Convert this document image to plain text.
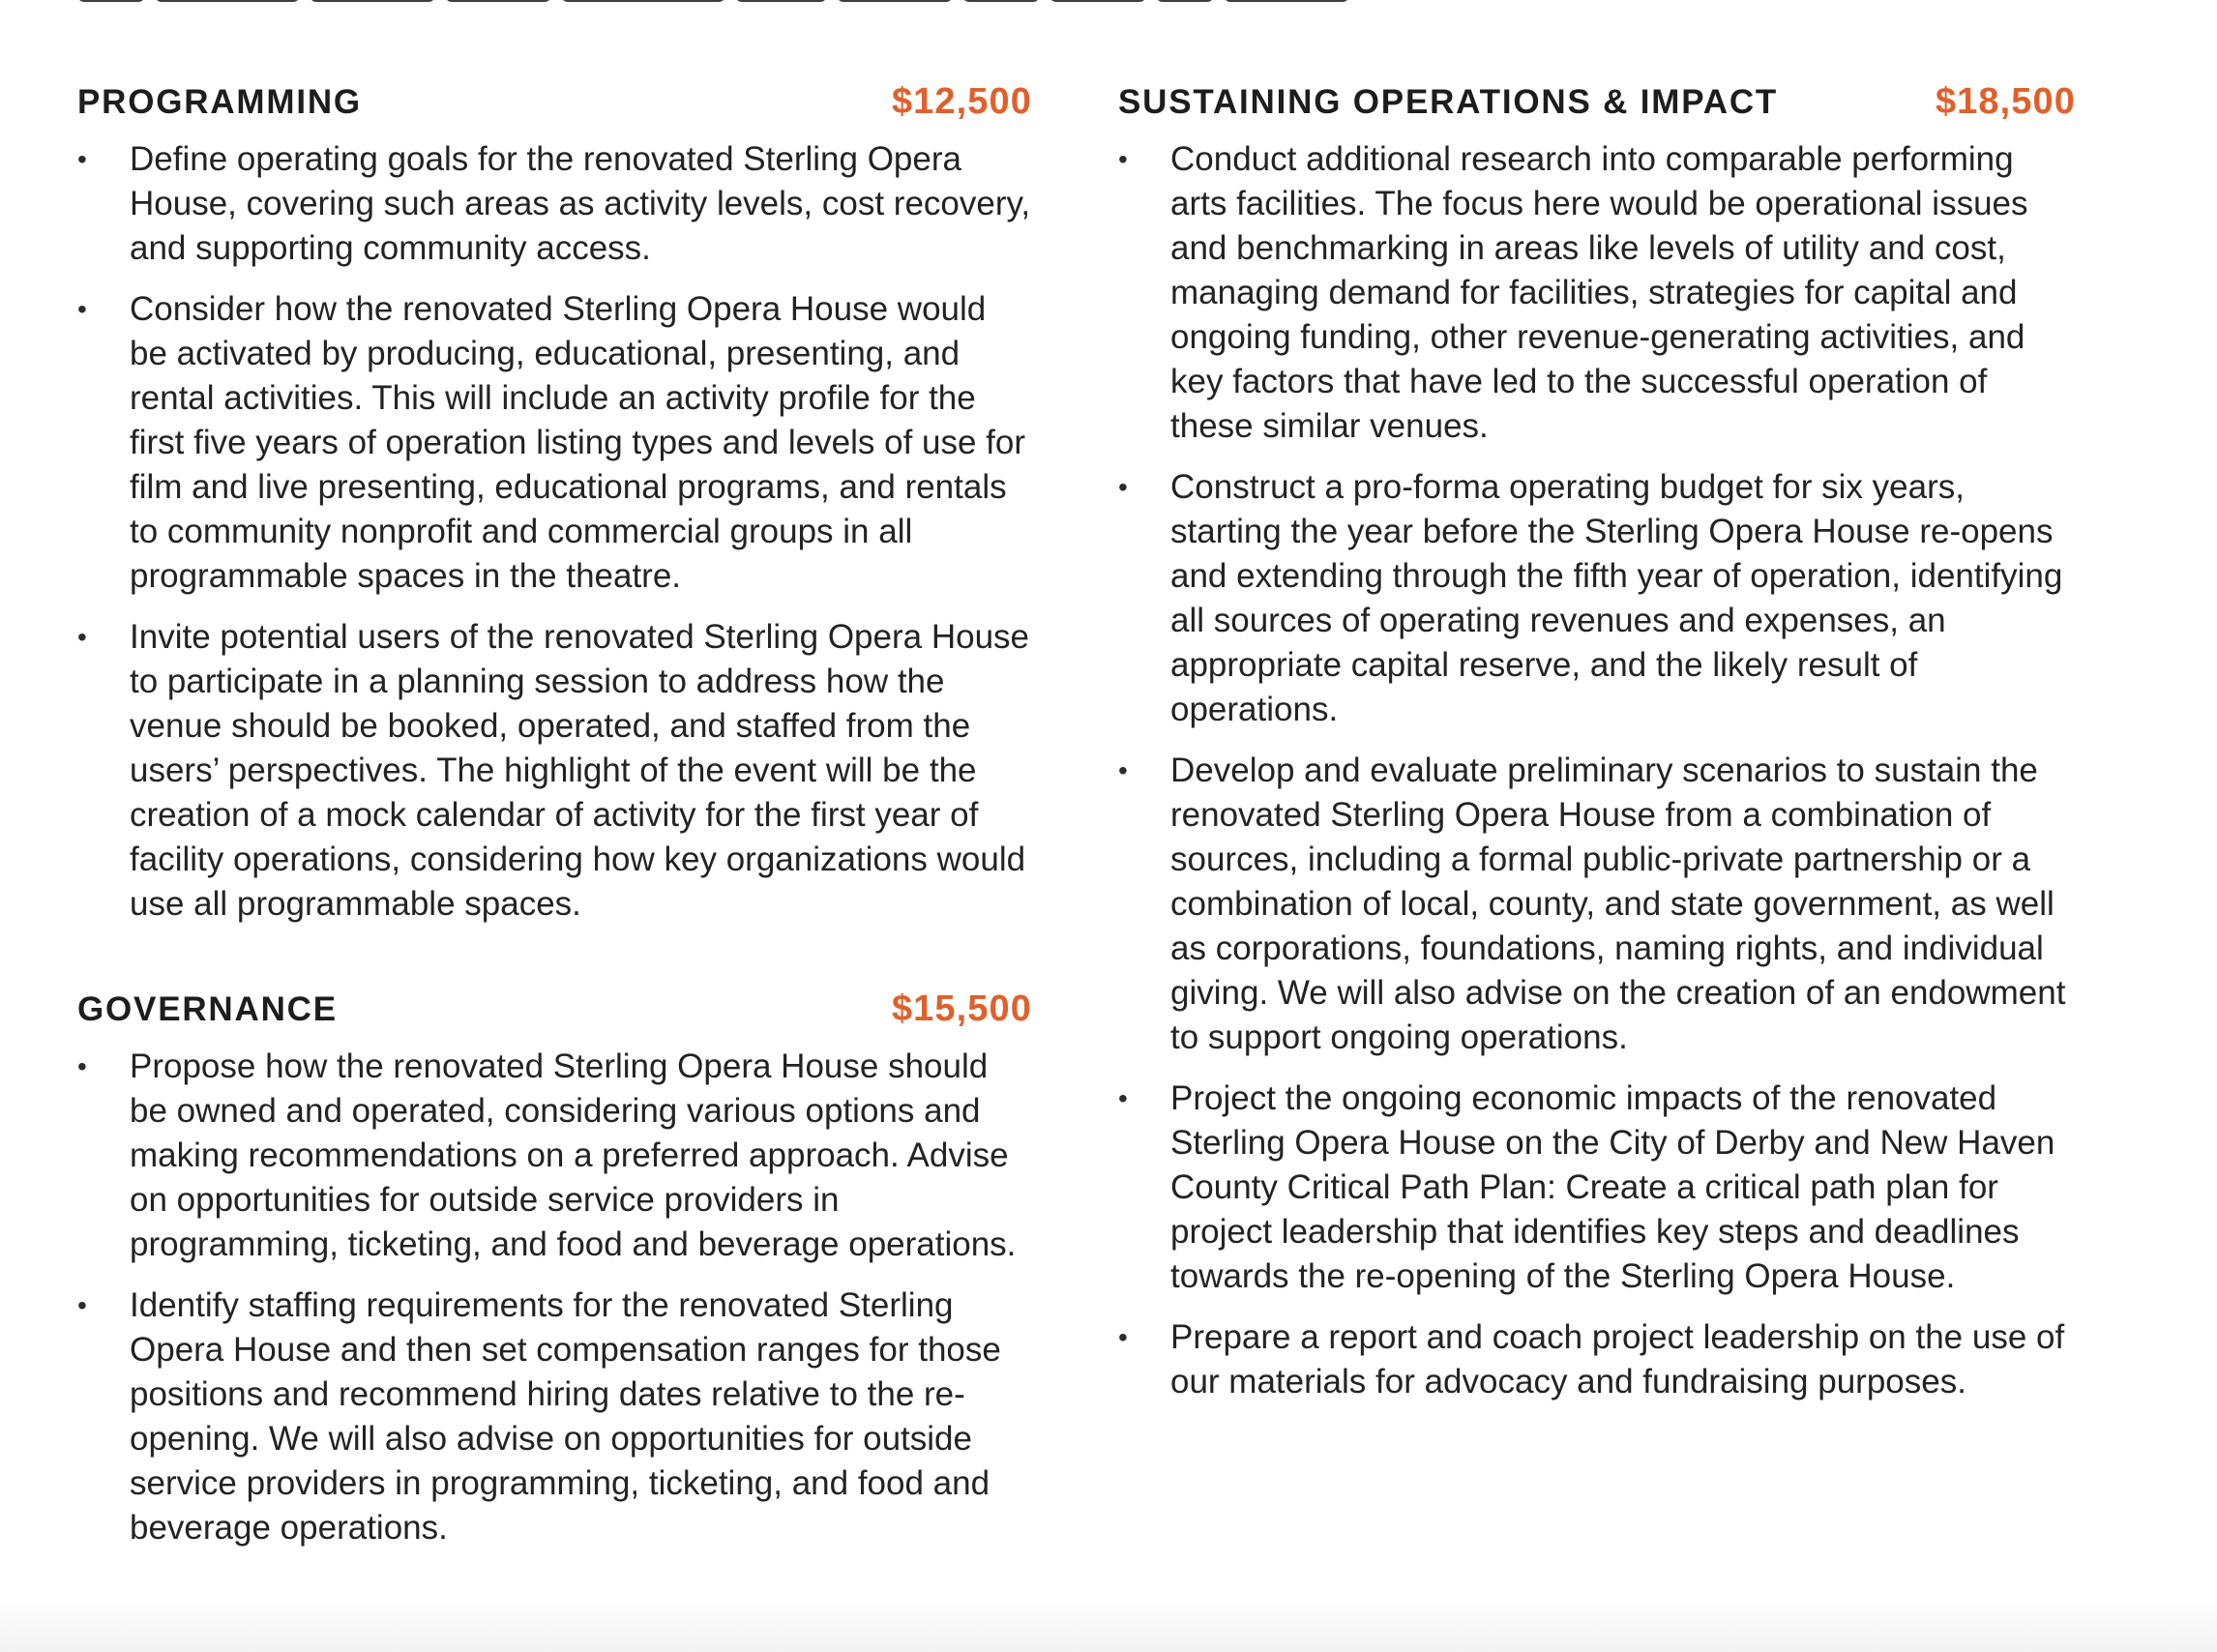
PROGRAMMING	$12,500
• Define operating goals for the renovated Sterling Opera House, covering such areas as activity levels, cost recovery, and supporting community access.
• Consider how the renovated Sterling Opera House would be activated by producing, educational, presenting, and rental activities. This will include an activity profile for the first five years of operation listing types and levels of use for film and live presenting, educational programs, and rentals to community nonprofit and commercial groups in all programmable spaces in the theatre.
• Invite potential users of the renovated Sterling Opera House to participate in a planning session to address how the venue should be booked, operated, and staffed from the users’ perspectives. The highlight of the event will be the creation of a mock calendar of activity for the first year of facility operations, considering how key organizations would use all programmable spaces.
GOVERNANCE	$15,500
• Propose how the renovated Sterling Opera House should be owned and operated, considering various options and making recommendations on a preferred approach. Advise on opportunities for outside service providers in programming, ticketing, and food and beverage operations.
• Identify staffing requirements for the renovated Sterling Opera House and then set compensation ranges for those positions and recommend hiring dates relative to the re-opening. We will also advise on opportunities for outside service providers in programming, ticketing, and food and beverage operations.
SUSTAINING OPERATIONS & IMPACT	$18,500
• Conduct additional research into comparable performing arts facilities. The focus here would be operational issues and benchmarking in areas like levels of utility and cost, managing demand for facilities, strategies for capital and ongoing funding, other revenue-generating activities, and key factors that have led to the successful operation of these similar venues.
• Construct a pro-forma operating budget for six years, starting the year before the Sterling Opera House re-opens and extending through the fifth year of operation, identifying all sources of operating revenues and expenses, an appropriate capital reserve, and the likely result of operations.
• Develop and evaluate preliminary scenarios to sustain the renovated Sterling Opera House from a combination of sources, including a formal public-private partnership or a combination of local, county, and state government, as well as corporations, foundations, naming rights, and individual giving. We will also advise on the creation of an endowment to support ongoing operations.
• Project the ongoing economic impacts of the renovated Sterling Opera House on the City of Derby and New Haven County Critical Path Plan: Create a critical path plan for project leadership that identifies key steps and deadlines towards the re-opening of the Sterling Opera House.
• Prepare a report and coach project leadership on the use of our materials for advocacy and fundraising purposes.
